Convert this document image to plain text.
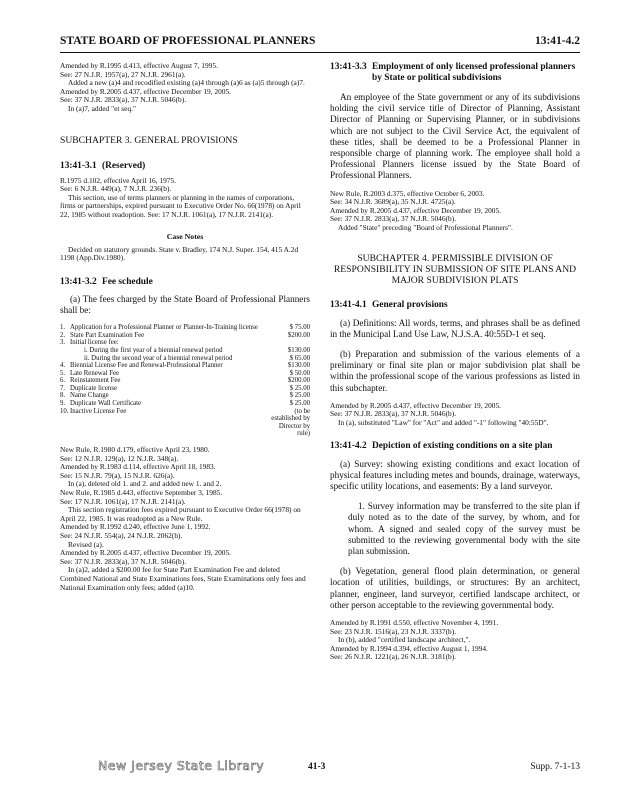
STATE BOARD OF PROFESSIONAL PLANNERS	13:41-4.2

Amended by R.1995 d.413, effective August 7, 1995.

See: 27 N.J.R. 1957(a), 27 N.J.R. 2961(a).

Added a new (a)4 and recodified existing (a)4 through (a)6 as (a)5 through (a)7.

Amended by R.2005 d.437, effective December 19, 2005.

See: 37 N.J.R. 2833(a), 37 N.J.R. 5046(b).

In (a)7, added "et seq."

SUBCHAPTER 3. GENERAL PROVISIONS

13:41-3.1 (Reserved)

R.1975 d.102, effective April 16, 1975.

See: 6 N.J.R. 449(a), 7 N.J.R. 236(b).

This section, use of terms planners or planning in the names of corporations, firms or partnerships, expired pursuant to Executive Order No. 66(1978) on April 22, 1985 without readoption. See: 17 N.J.R. 1061(a), 17 N.J.R. 2141(a).

Case Notes

Decided on statutory grounds. State v. Bradley, 174 N.J. Super. 154, 415 A.2d 1198 (App.Div.1980).

13:41-3.2 Fee schedule

(a) The fees charged by the State Board of Professional Planners shall be:

1.	Application for a Professional Planner or Planner-In-Training license	$ 75.00
2.	State Part Examination Fee	$200.00
3.	Initial license fee:	
	i. During the first year of a biennial renewal period	$130.00
	ii. During the second year of a biennial renewal period	$ 65.00
4.	Biennial License Fee and Renewal-Professional Planner	$130.00
5.	Late Renewal Fee	$ 50.00
6.	Reinstatement Fee	$200.00
7.	Duplicate license	$ 25.00
8.	Name Change	$ 25.00
9.	Duplicate Wall Certificate	$ 25.00
10.	Inactive License Fee	(to be established by Director by rule)

New Rule, R.1980 d.179, effective April 23, 1980.

See: 12 N.J.R. 129(a), 12 N.J.R. 348(a).

Amended by R.1983 d.114, effective April 18, 1983.

See: 15 N.J.R. 79(a), 15 N.J.R. 626(a).

In (a), deleted old 1. and 2. and added new 1. and 2.

New Rule, R.1985 d.443, effective September 3, 1985.

See: 17 N.J.R. 1061(a), 17 N.J.R. 2141(a).

This section registration fees expired pursuant to Executive Order 66(1978) on April 22, 1985. It was readopted as a New Rule.

Amended by R.1992 d.240, effective June 1, 1992.

See: 24 N.J.R. 554(a), 24 N.J.R. 2062(b).

Revised (a).

Amended by R.2005 d.437, effective December 19, 2005.

See: 37 N.J.R. 2833(a), 37 N.J.R. 5046(b).

In (a)2, added a $200.00 fee for State Part Examination Fee and deleted Combined National and State Examinations fees, State Examinations only fees and National Examination only fees; added (a)10.

13:41-3.3 Employment of only licensed professional planners by State or political subdivisions

An employee of the State government or any of its subdivisions holding the civil service title of Director of Planning, Assistant Director of Planning or Supervising Planner, or in subdivisions which are not subject to the Civil Service Act, the equivalent of these titles, shall be deemed to be a Professional Planner in responsible charge of planning work. The employee shall hold a Professional Planners license issued by the State Board of Professional Planners.

New Rule, R.2003 d.375, effective October 6, 2003.

See: 34 N.J.R. 3689(a), 35 N.J.R. 4725(a).

Amended by R.2005 d.437, effective December 19, 2005.

See: 37 N.J.R. 2833(a), 37 N.J.R. 5046(b).

Added "State" preceding "Board of Professional Planners".

SUBCHAPTER 4. PERMISSIBLE DIVISION OF RESPONSIBILITY IN SUBMISSION OF SITE PLANS AND MAJOR SUBDIVISION PLATS

13:41-4.1 General provisions

(a) Definitions: All words, terms, and phrases shall be as defined in the Municipal Land Use Law, N.J.S.A. 40:55D-1 et seq.

(b) Preparation and submission of the various elements of a preliminary or final site plan or major subdivision plat shall be within the professional scope of the various professions as listed in this subchapter.

Amended by R.2005 d.437, effective December 19, 2005.

See: 37 N.J.R. 2833(a), 37 N.J.R. 5046(b).

In (a), substituted "Law" for "Act" and added "-1" following "40:55D".

13:41-4.2 Depiction of existing conditions on a site plan

(a) Survey: showing existing conditions and exact location of physical features including metes and bounds, drainage, waterways, specific utility locations, and easements: By a land surveyor.

1. Survey information may be transferred to the site plan if duly noted as to the date of the survey, by whom, and for whom. A signed and sealed copy of the survey must be submitted to the reviewing governmental body with the site plan submission.

(b) Vegetation, general flood plain determination, or general location of utilities, buildings, or structures: By an architect, planner, engineer, land surveyor, certified landscape architect, or other person acceptable to the reviewing governmental body.

Amended by R.1991 d.550, effective November 4, 1991.

See: 23 N.J.R. 1516(a), 23 N.J.R. 3337(b).

In (b), added "certified landscape architect,".

Amended by R.1994 d.394, effective August 1, 1994.

See: 26 N.J.R. 1221(a), 26 N.J.R. 3181(b).

New Jersey State Library	41-3	Supp. 7-1-13
